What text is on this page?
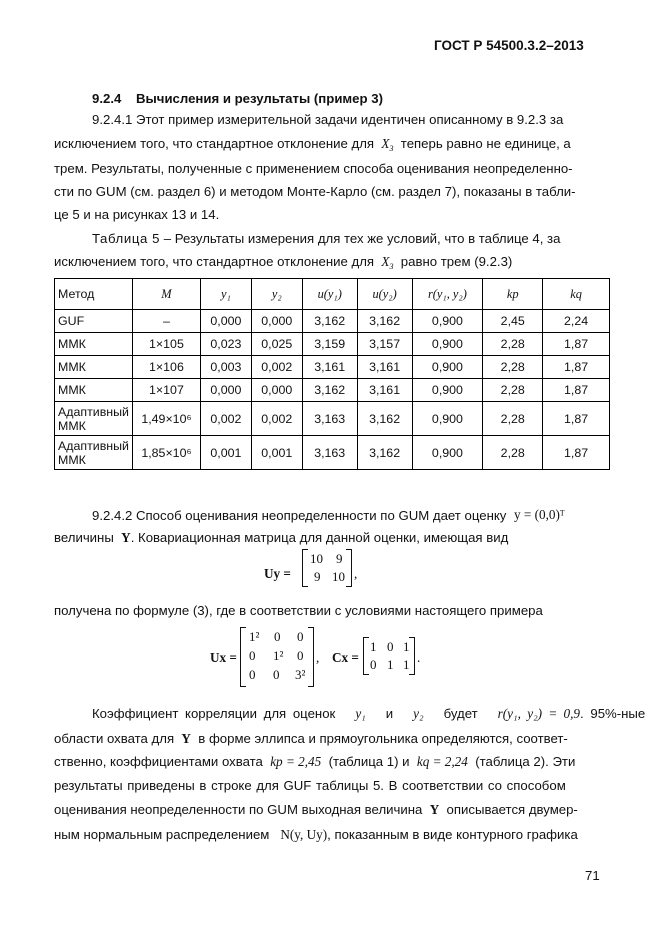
ГОСТ Р 54500.3.2–2013
9.2.4 Вычисления и результаты (пример 3)
9.2.4.1 Этот пример измерительной задачи идентичен описанному в 9.2.3 за
исключением того, что стандартное отклонение для $X_3$ теперь равно не единице, а
трем. Результаты, полученные с применением способа оценивания неопределенно-
сти по GUM (см. раздел 6) и методом Монте-Карло (см. раздел 7), показаны в табли-
це 5 и на рисунках 13 и 14.
Таблица 5 – Результаты измерения для тех же условий, что в таблице 4, за
исключением того, что стандартное отклонение для $X_3$ равно трем (9.2.3)
Метод	M	y₁	y₂	u(y₁)	u(y₂)	r(y₁, y₂)	kp	kq
GUF	–	0,000	0,000	3,162	3,162	0,900	2,45	2,24
ММК	1×105	0,023	0,025	3,159	3,157	0,900	2,28	1,87
ММК	1×106	0,003	0,002	3,161	3,161	0,900	2,28	1,87
ММК	1×107	0,000	0,000	3,162	3,161	0,900	2,28	1,87
Адаптивный ММК	1,49×10⁶	0,002	0,002	3,163	3,162	0,900	2,28	1,87
Адаптивный ММК	1,85×10⁶	0,001	0,001	3,163	3,162	0,900	2,28	1,87
9.2.4.2 Способ оценивания неопределенности по GUM дает оценку y = (0,0)ᵀ
величины Y. Ковариационная матрица для данной оценки, имеющая вид
Uy =
10 9
9 10 ,
получена по формуле (3), где в соответствии с условиями настоящего примера
Ux =
1² 0 0
0 1² 0
0 0 3²
, Cx =
1 0 1
0 1 1 .
Коэффициент корреляции для оценок y₁ и y₂ будет r(y₁, y₂) = 0,9. 95%-ные
области охвата для Y в форме эллипса и прямоугольника определяются, соответ-
ственно, коэффициентами охвата kp = 2,45 (таблица 1) и kq = 2,24 (таблица 2). Эти
результаты приведены в строке для GUF таблицы 5. В соответствии со способом
оценивания неопределенности по GUM выходная величина Y описывается двумер-
ным нормальным распределением N(y, Uy), показанным в виде контурного графика
71
